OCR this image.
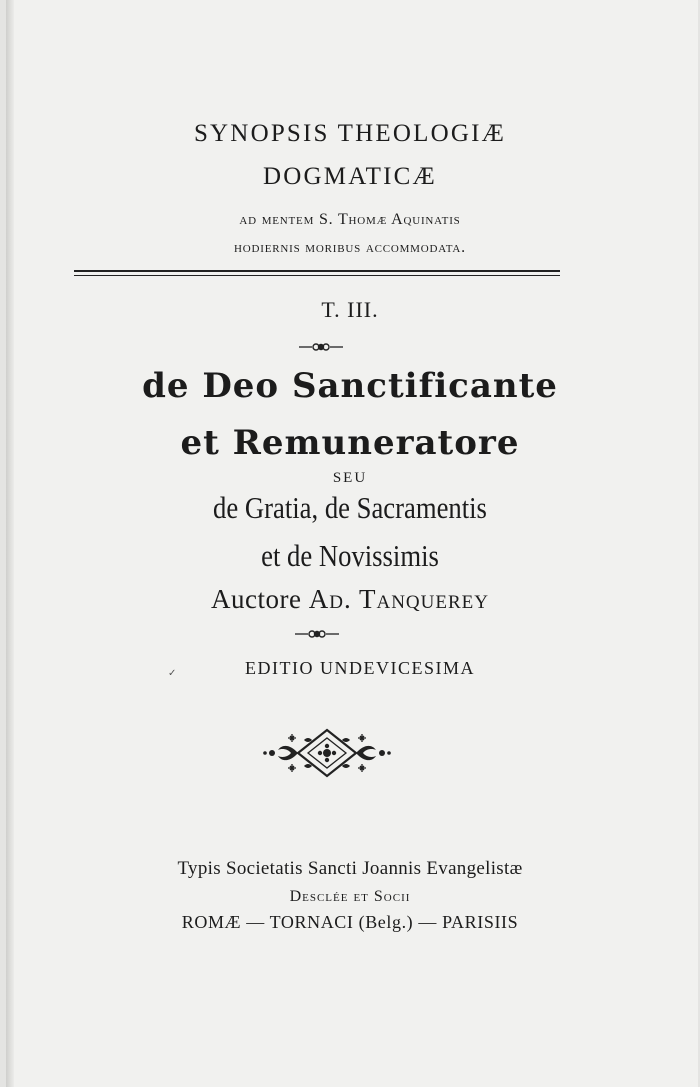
SYNOPSIS THEOLOGIÆ
DOGMATICÆ
ad mentem S. Thomæ Aquinatis
hodiernis moribus accommodata.
T. III.
de Deo Sanctificante
et Remuneratore
SEU
de Gratia, de Sacramentis
et de Novissimis
Auctore Ad. Tanquerey
✓	EDITIO UNDEVICESIMA
Typis Societatis Sancti Joannis Evangelistæ
Desclée et Socii
ROMÆ — TORNACI (Belg.) — PARISIIS
